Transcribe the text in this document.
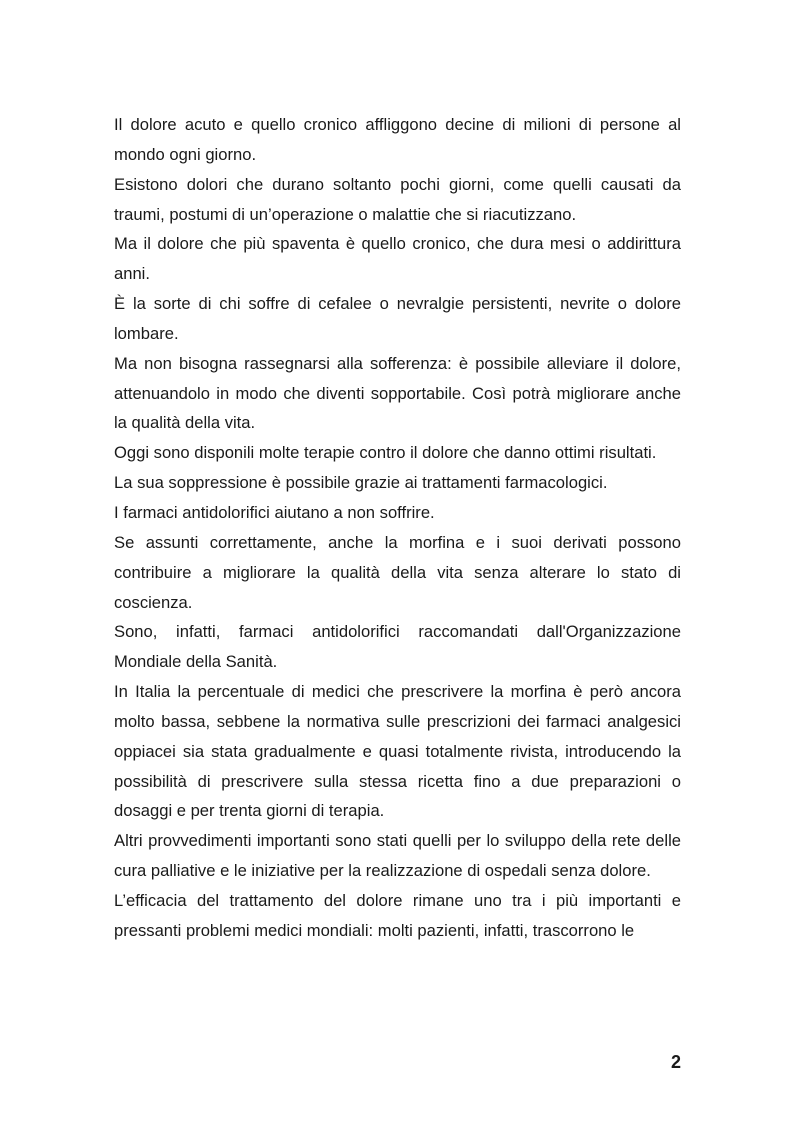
Il dolore acuto e quello cronico affliggono decine di milioni di persone al mondo ogni giorno.

Esistono dolori che durano soltanto pochi giorni, come quelli causati da traumi, postumi di un’operazione o malattie che si riacutizzano.

Ma il dolore che più spaventa è quello cronico, che dura mesi o addirittura anni.

È la sorte di chi soffre di cefalee o nevralgie persistenti, nevrite o dolore lombare.

Ma non bisogna rassegnarsi alla sofferenza: è possibile alleviare il dolore, attenuandolo in modo che diventi sopportabile. Così potrà migliorare anche la qualità della vita.

Oggi sono disponili molte terapie contro il dolore che danno ottimi risultati.

La sua soppressione è possibile grazie ai trattamenti farmacologici.

I farmaci antidolorifici aiutano a non soffrire.

Se assunti correttamente, anche la morfina e i suoi derivati possono contribuire a migliorare la qualità della vita senza alterare lo stato di coscienza.

Sono, infatti, farmaci antidolorifici raccomandati dall'Organizzazione Mondiale della Sanità.

In Italia la percentuale di medici che prescrivere la morfina è però ancora molto bassa, sebbene la normativa sulle prescrizioni dei farmaci analgesici oppiacei sia stata gradualmente e quasi totalmente rivista, introducendo la possibilità di prescrivere sulla stessa ricetta fino a due preparazioni o dosaggi e per trenta giorni di terapia.

Altri provvedimenti importanti sono stati quelli per lo sviluppo della rete delle cura palliative e le iniziative per la realizzazione di ospedali senza dolore.

L’efficacia del trattamento del dolore rimane uno tra i più importanti e pressanti problemi medici mondiali: molti pazienti, infatti, trascorrono le

2
